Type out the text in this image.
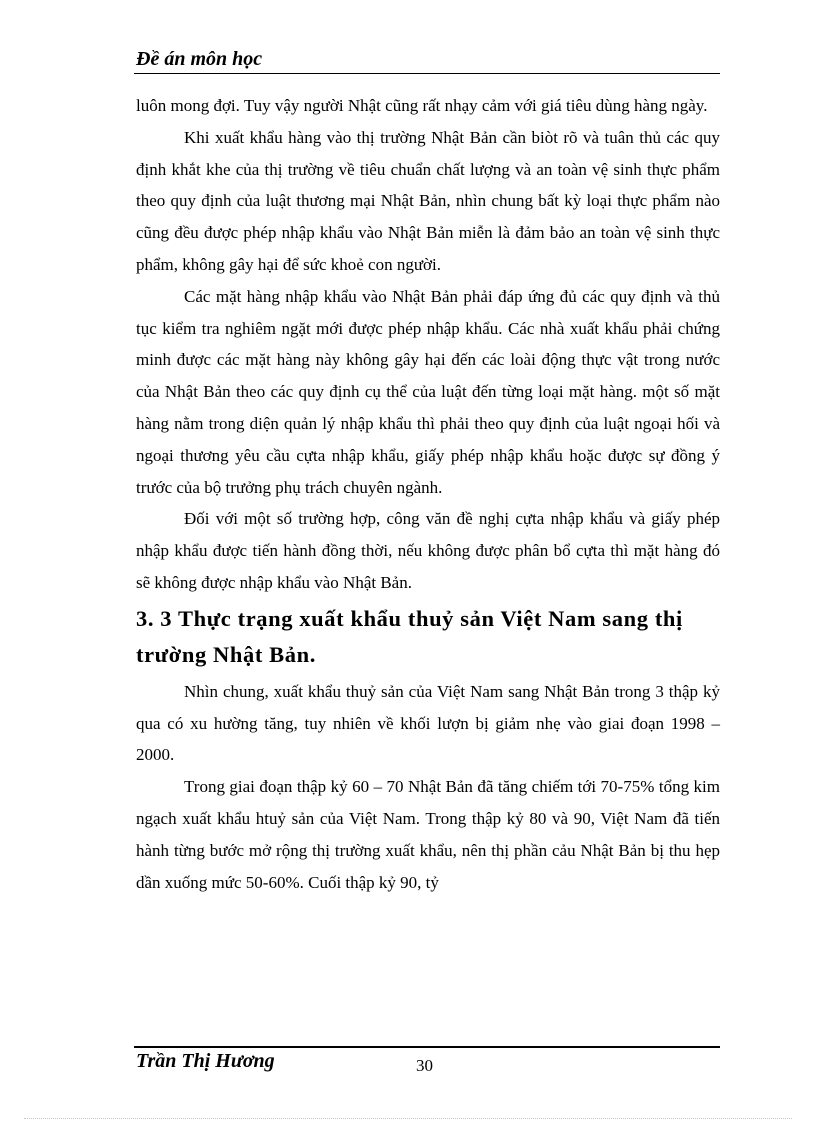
Đề án môn học

luôn mong đợi. Tuy vậy người Nhật cũng rất nhạy cảm với giá tiêu dùng hàng ngày.

Khi xuất khẩu hàng vào thị trường Nhật Bản cần biòt rõ và tuân thủ các quy định khắt khe của thị trường về tiêu chuẩn chất lượng và an toàn vệ sinh thực phẩm theo quy định của luật thương mại Nhật Bản, nhìn chung bất kỳ loại thực phẩm nào cũng đều được phép nhập khẩu vào Nhật Bản miễn là đảm bảo an toàn vệ sinh thực phẩm, không gây hại để sức khoẻ con người.

Các mặt hàng nhập khẩu vào Nhật Bản phải đáp ứng đủ các quy định và thủ tục kiểm tra nghiêm ngặt mới được phép nhập khẩu. Các nhà xuất khẩu phải chứng minh được các mặt hàng này không gây hại đến các loài động thực vật trong nước của Nhật Bản theo các quy định cụ thể của luật đến từng loại mặt hàng. một số mặt hàng nằm trong diện quản lý nhập khẩu thì phải theo quy định của luật ngoại hối và ngoại thương yêu cầu cựta nhập khẩu, giấy phép nhập khẩu hoặc được sự đồng ý trước của bộ trưởng phụ trách chuyên ngành.

Đối với một số trường hợp, công văn đề nghị cựta nhập khẩu và giấy phép nhập khẩu được tiến hành đồng thời, nếu không được phân bổ cựta thì mặt hàng đó sẽ không được nhập khẩu vào Nhật Bản.

3. 3 Thực trạng xuất khẩu thuỷ sản Việt Nam sang thị trường Nhật Bản.

Nhìn chung, xuất khẩu thuỷ sản của Việt Nam sang Nhật Bản trong 3 thập kỷ qua có xu hường tăng, tuy nhiên về khối lượn bị giảm nhẹ vào giai đoạn 1998 – 2000.

Trong giai đoạn thập kỷ 60 – 70 Nhật Bản đã tăng chiếm tới 70-75% tổng kim ngạch xuất khẩu htuỷ sản của Việt Nam. Trong thập kỷ 80 và 90, Việt Nam đã tiến hành từng bước mở rộng thị trường xuất khẩu, nên thị phần cảu Nhật Bản bị thu hẹp dần xuống mức 50-60%. Cuối thập kỷ 90, tỷ

Trần Thị Hương	30
